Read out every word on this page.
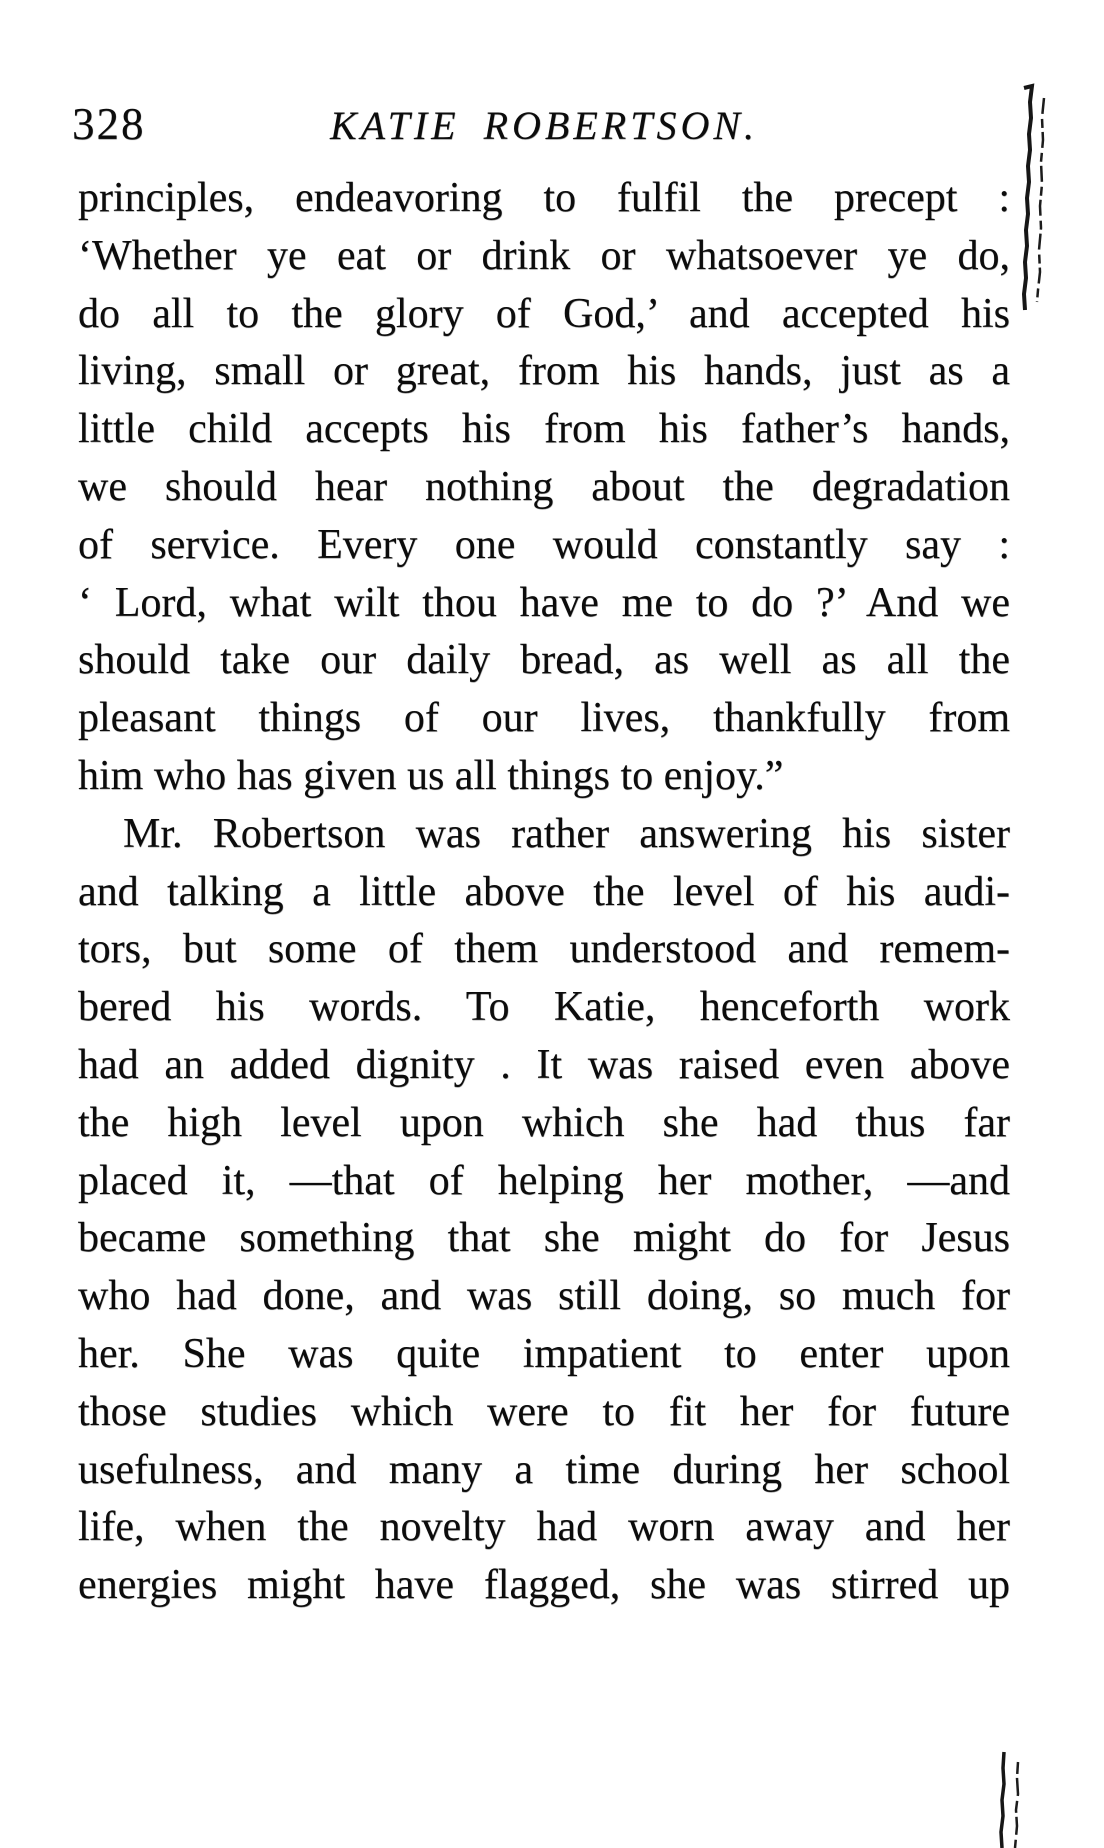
328	KATIE ROBERTSON.
principles, endeavoring to fulfil the precept :
‘Whether ye eat or drink or whatsoever ye do,
do all to the glory of God,’ and accepted his
living, small or great, from his hands, just as a
little child accepts his from his father’s hands,
we should hear nothing about the degradation
of service. Every one would constantly say :
‘ Lord, what wilt thou have me to do ?’ And we
should take our daily bread, as well as all the
pleasant things of our lives, thankfully from
him who has given us all things to enjoy.”
Mr. Robertson was rather answering his sister
and talking a little above the level of his audi-
tors, but some of them understood and remem-
bered his words. To Katie, henceforth work
had an added dignity . It was raised even above
the high level upon which she had thus far
placed it, —that of helping her mother, —and
became something that she might do for Jesus
who had done, and was still doing, so much for
her. She was quite impatient to enter upon
those studies which were to fit her for future
usefulness, and many a time during her school
life, when the novelty had worn away and her
energies might have flagged, she was stirred up
